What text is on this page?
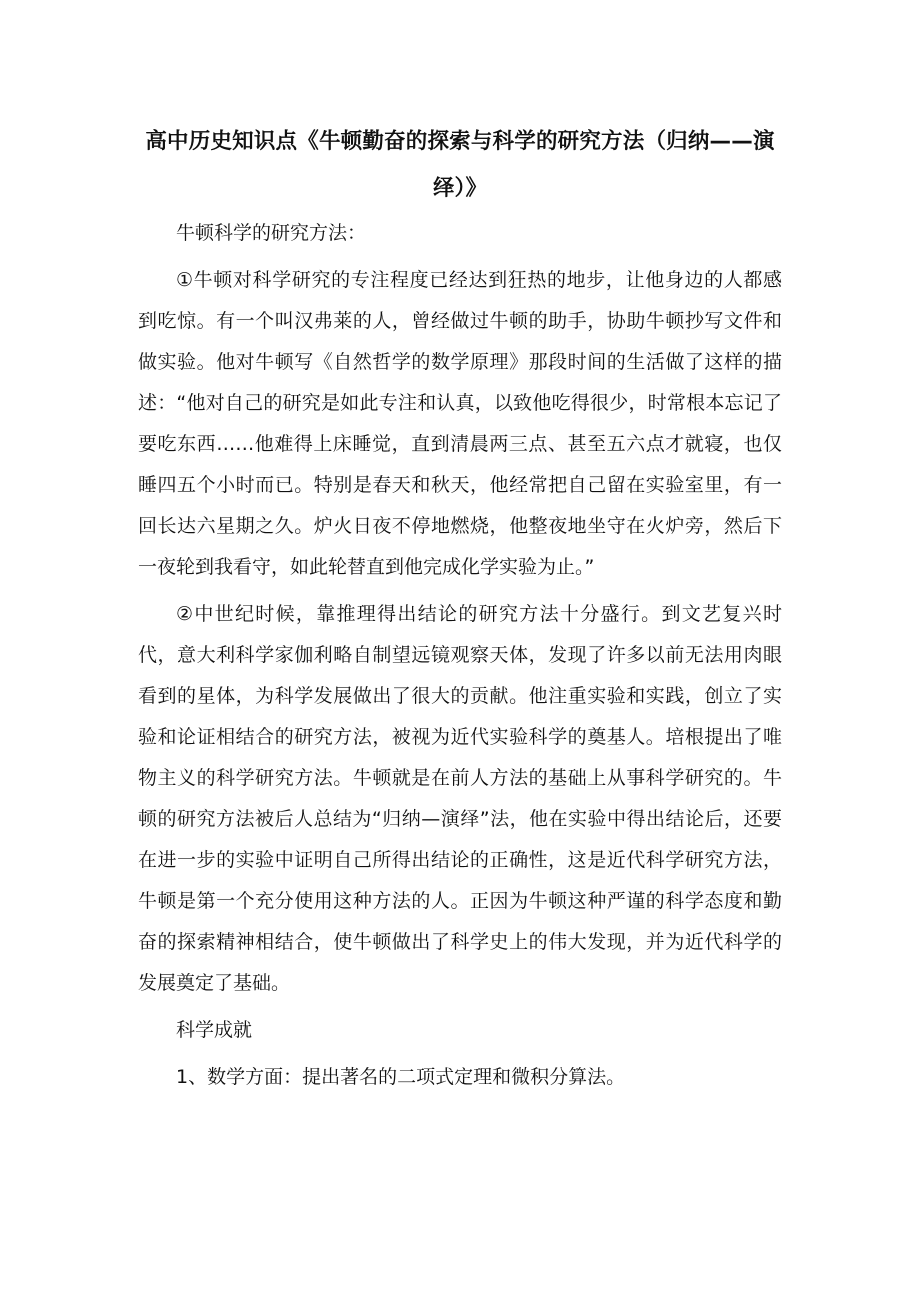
高中历史知识点《牛顿勤奋的探索与科学的研究方法（归纳——演绎）》

牛顿科学的研究方法：

①牛顿对科学研究的专注程度已经达到狂热的地步，让他身边的人都感到吃惊。有一个叫汉弗莱的人，曾经做过牛顿的助手，协助牛顿抄写文件和做实验。他对牛顿写《自然哲学的数学原理》那段时间的生活做了这样的描述：“他对自己的研究是如此专注和认真，以致他吃得很少，时常根本忘记了要吃东西……他难得上床睡觉，直到清晨两三点、甚至五六点才就寝，也仅睡四五个小时而已。特别是春天和秋天，他经常把自己留在实验室里，有一回长达六星期之久。炉火日夜不停地燃烧，他整夜地坐守在火炉旁，然后下一夜轮到我看守，如此轮替直到他完成化学实验为止。”

②中世纪时候，靠推理得出结论的研究方法十分盛行。到文艺复兴时代，意大利科学家伽利略自制望远镜观察天体，发现了许多以前无法用肉眼看到的星体，为科学发展做出了很大的贡献。他注重实验和实践，创立了实验和论证相结合的研究方法，被视为近代实验科学的奠基人。培根提出了唯物主义的科学研究方法。牛顿就是在前人方法的基础上从事科学研究的。牛顿的研究方法被后人总结为“归纳—演绎”法，他在实验中得出结论后，还要在进一步的实验中证明自己所得出结论的正确性，这是近代科学研究方法，牛顿是第一个充分使用这种方法的人。正因为牛顿这种严谨的科学态度和勤奋的探索精神相结合，使牛顿做出了科学史上的伟大发现，并为近代科学的发展奠定了基础。

科学成就

1、数学方面：提出著名的二项式定理和微积分算法。
